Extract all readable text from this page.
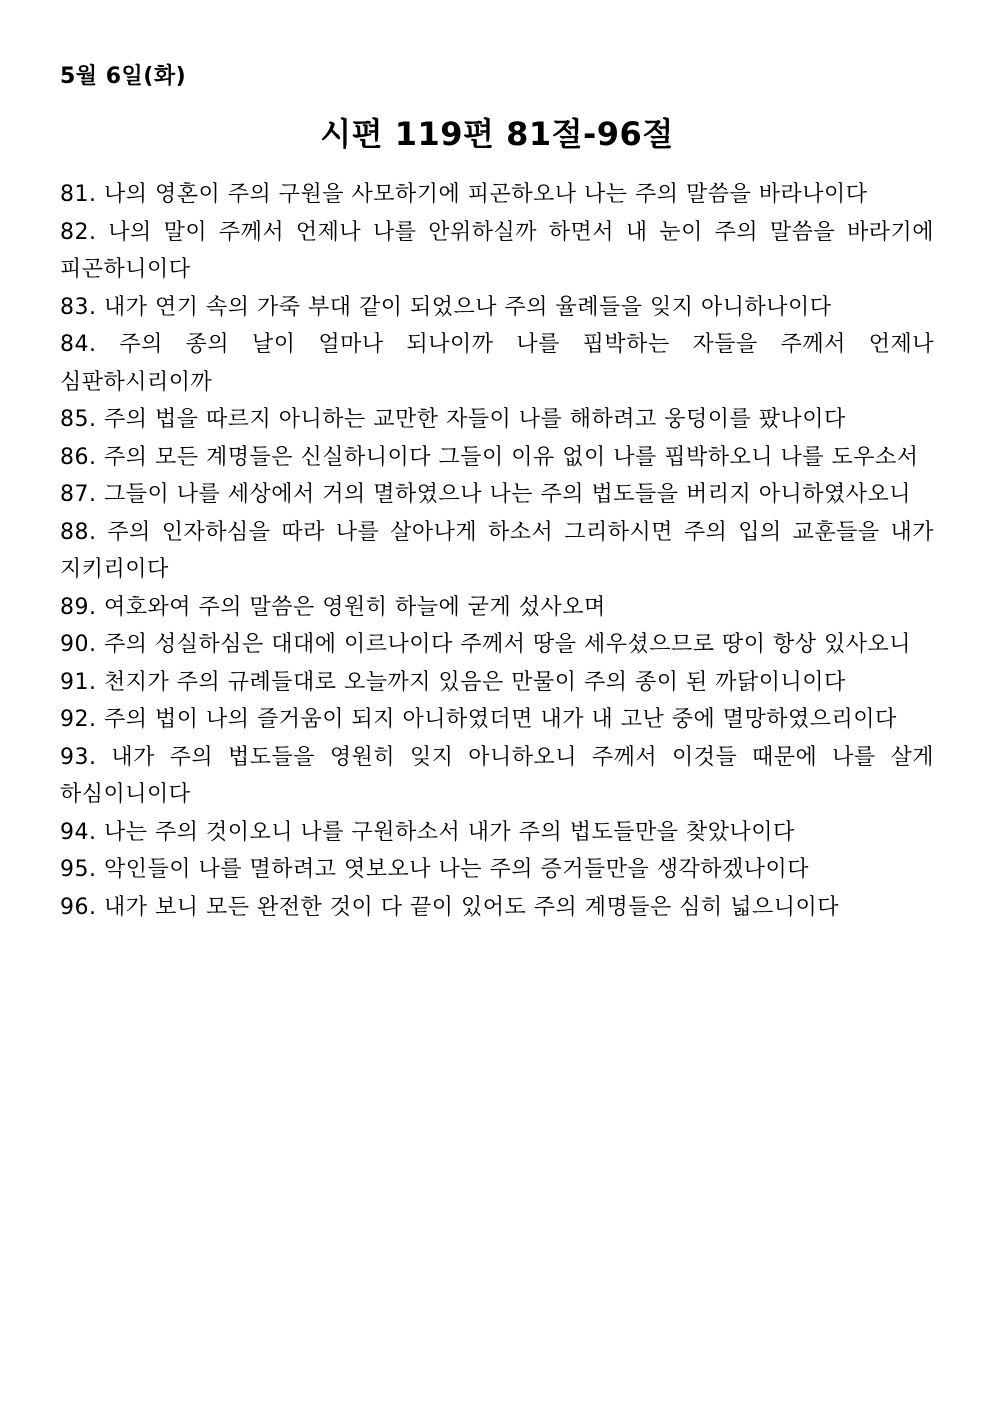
5월 6일(화)

시편 119편 81절-96절
81. 나의 영혼이 주의 구원을 사모하기에 피곤하오나 나는 주의 말씀을 바라나이다
82. 나의 말이 주께서 언제나 나를 안위하실까 하면서 내 눈이 주의 말씀을 바라기에 피곤하니이다
83. 내가 연기 속의 가죽 부대 같이 되었으나 주의 율례들을 잊지 아니하나이다
84. 주의 종의 날이 얼마나 되나이까 나를 핍박하는 자들을 주께서 언제나 심판하시리이까
85. 주의 법을 따르지 아니하는 교만한 자들이 나를 해하려고 웅덩이를 팠나이다
86. 주의 모든 계명들은 신실하니이다 그들이 이유 없이 나를 핍박하오니 나를 도우소서
87. 그들이 나를 세상에서 거의 멸하였으나 나는 주의 법도들을 버리지 아니하였사오니
88. 주의 인자하심을 따라 나를 살아나게 하소서 그리하시면 주의 입의 교훈들을 내가 지키리이다
89. 여호와여 주의 말씀은 영원히 하늘에 굳게 섰사오며
90. 주의 성실하심은 대대에 이르나이다 주께서 땅을 세우셨으므로 땅이 항상 있사오니
91. 천지가 주의 규례들대로 오늘까지 있음은 만물이 주의 종이 된 까닭이니이다
92. 주의 법이 나의 즐거움이 되지 아니하였더면 내가 내 고난 중에 멸망하였으리이다
93. 내가 주의 법도들을 영원히 잊지 아니하오니 주께서 이것들 때문에 나를 살게 하심이니이다
94. 나는 주의 것이오니 나를 구원하소서 내가 주의 법도들만을 찾았나이다
95. 악인들이 나를 멸하려고 엿보오나 나는 주의 증거들만을 생각하겠나이다
96. 내가 보니 모든 완전한 것이 다 끝이 있어도 주의 계명들은 심히 넓으니이다
